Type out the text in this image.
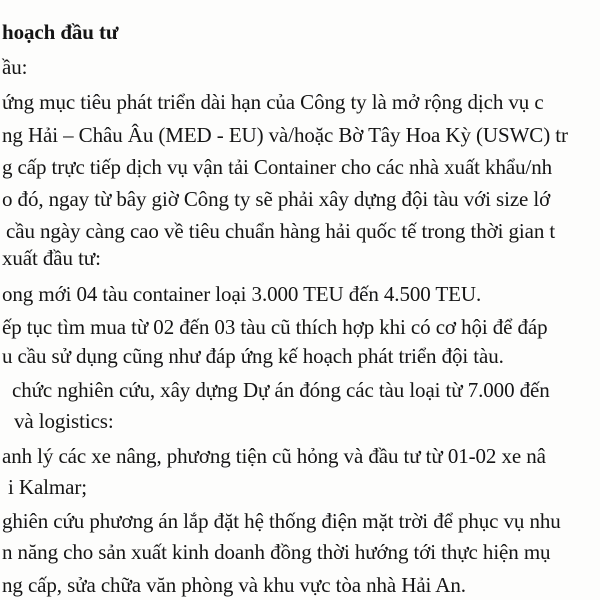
hoạch đầu tư
ầu:
ứng mục tiêu phát triển dài hạn của Công ty là mở rộng dịch vụ c
ng Hải – Châu Âu (MED - EU) và/hoặc Bờ Tây Hoa Kỳ (USWC) tr
g cấp trực tiếp dịch vụ vận tải Container cho các nhà xuất khẩu/nh
o đó, ngay từ bây giờ Công ty sẽ phải xây dựng đội tàu với size lớ
cầu ngày càng cao về tiêu chuẩn hàng hải quốc tế trong thời gian t
xuất đầu tư:
ong mới 04 tàu container loại 3.000 TEU đến 4.500 TEU.
ếp tục tìm mua từ 02 đến 03 tàu cũ thích hợp khi có cơ hội để đáp
u cầu sử dụng cũng như đáp ứng kế hoạch phát triển đội tàu.
chức nghiên cứu, xây dựng Dự án đóng các tàu loại từ 7.000 đến
và logistics:
anh lý các xe nâng, phương tiện cũ hỏng và đầu tư từ 01-02 xe nâ
i Kalmar;
ghiên cứu phương án lắp đặt hệ thống điện mặt trời để phục vụ nhu
n năng cho sản xuất kinh doanh đồng thời hướng tới thực hiện mụ
ng cấp, sửa chữa văn phòng và khu vực tòa nhà Hải An.
